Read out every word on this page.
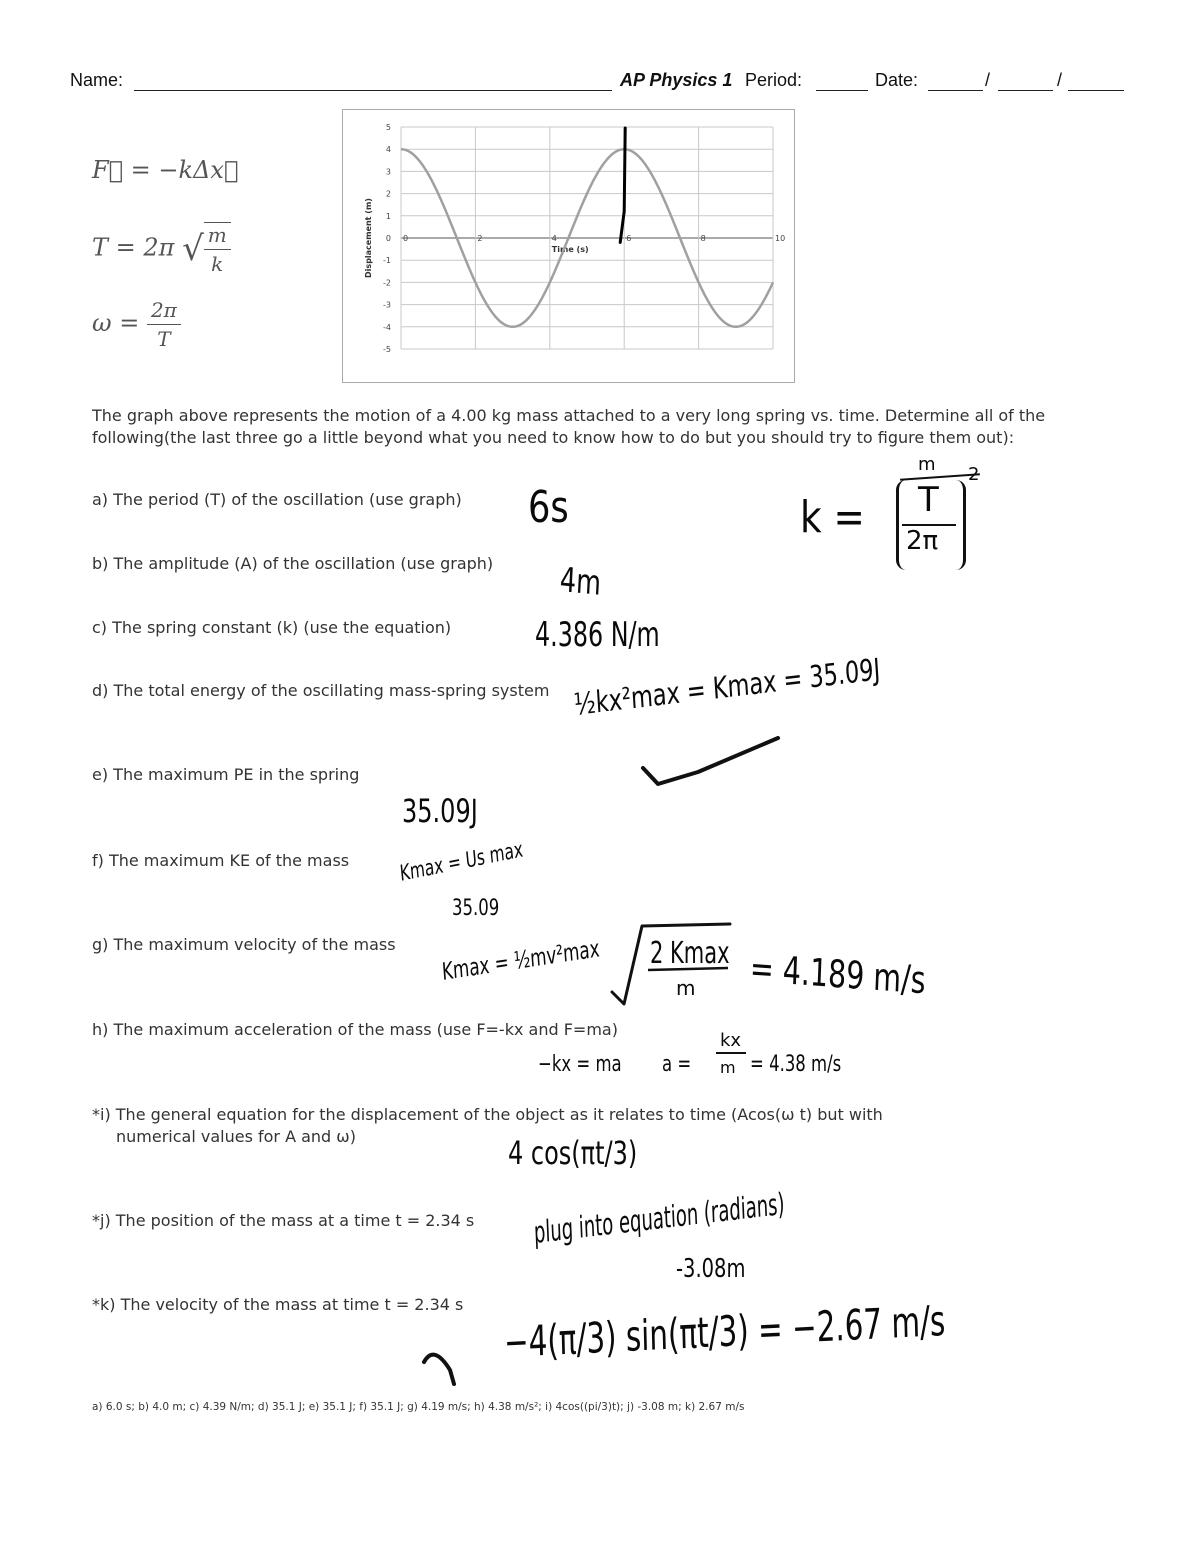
Name:	AP Physics 1 Period:	Date:	/	/
F⃗ = −kΔx⃗
T = 2π √ $\frac{m}{k}$
$\omega = \frac{2\pi}{T}$
5
4
3
2
1
0
-1
-2
-3
-4
-5
0	2	4	6	8	10
Time (s)
Displacement (m)
The graph above represents the motion of a 4.00 kg mass attached to a very long spring vs. time. Determine all of the following(the last three go a little beyond what you need to know how to do but you should try to figure them out):
a) The period (T) of the oscillation (use graph)
b) The amplitude (A) of the oscillation (use graph)
c) The spring constant (k) (use the equation)
d) The total energy of the oscillating mass-spring system
e) The maximum PE in the spring
f) The maximum KE of the mass
g) The maximum velocity of the mass
h) The maximum acceleration of the mass (use F=-kx and F=ma)
*i) The general equation for the displacement of the object as it relates to time (Acos(ω t) but with
numerical values for A and ω)
*j) The position of the mass at a time t = 2.34 s
*k) The velocity of the mass at time t = 2.34 s
6s	k =
m
T
2π
2
4m
4.386 N/m
½kx²max = Kmax = 35.09J
35.09J
Kmax = Us max
35.09
Kmax = ½mv²max 2 Kmax
m = 4.189 m/s
−kx = ma a =
kx
m = 4.38 m/s
4 cos(πt/3)
plug into equation (radians)
-3.08m
−4(π/3) sin(πt/3) = −2.67 m/s
a) 6.0 s; b) 4.0 m; c) 4.39 N/m; d) 35.1 J; e) 35.1 J; f) 35.1 J; g) 4.19 m/s; h) 4.38 m/s²; i) 4cos((pi/3)t); j) -3.08 m; k) 2.67 m/s
